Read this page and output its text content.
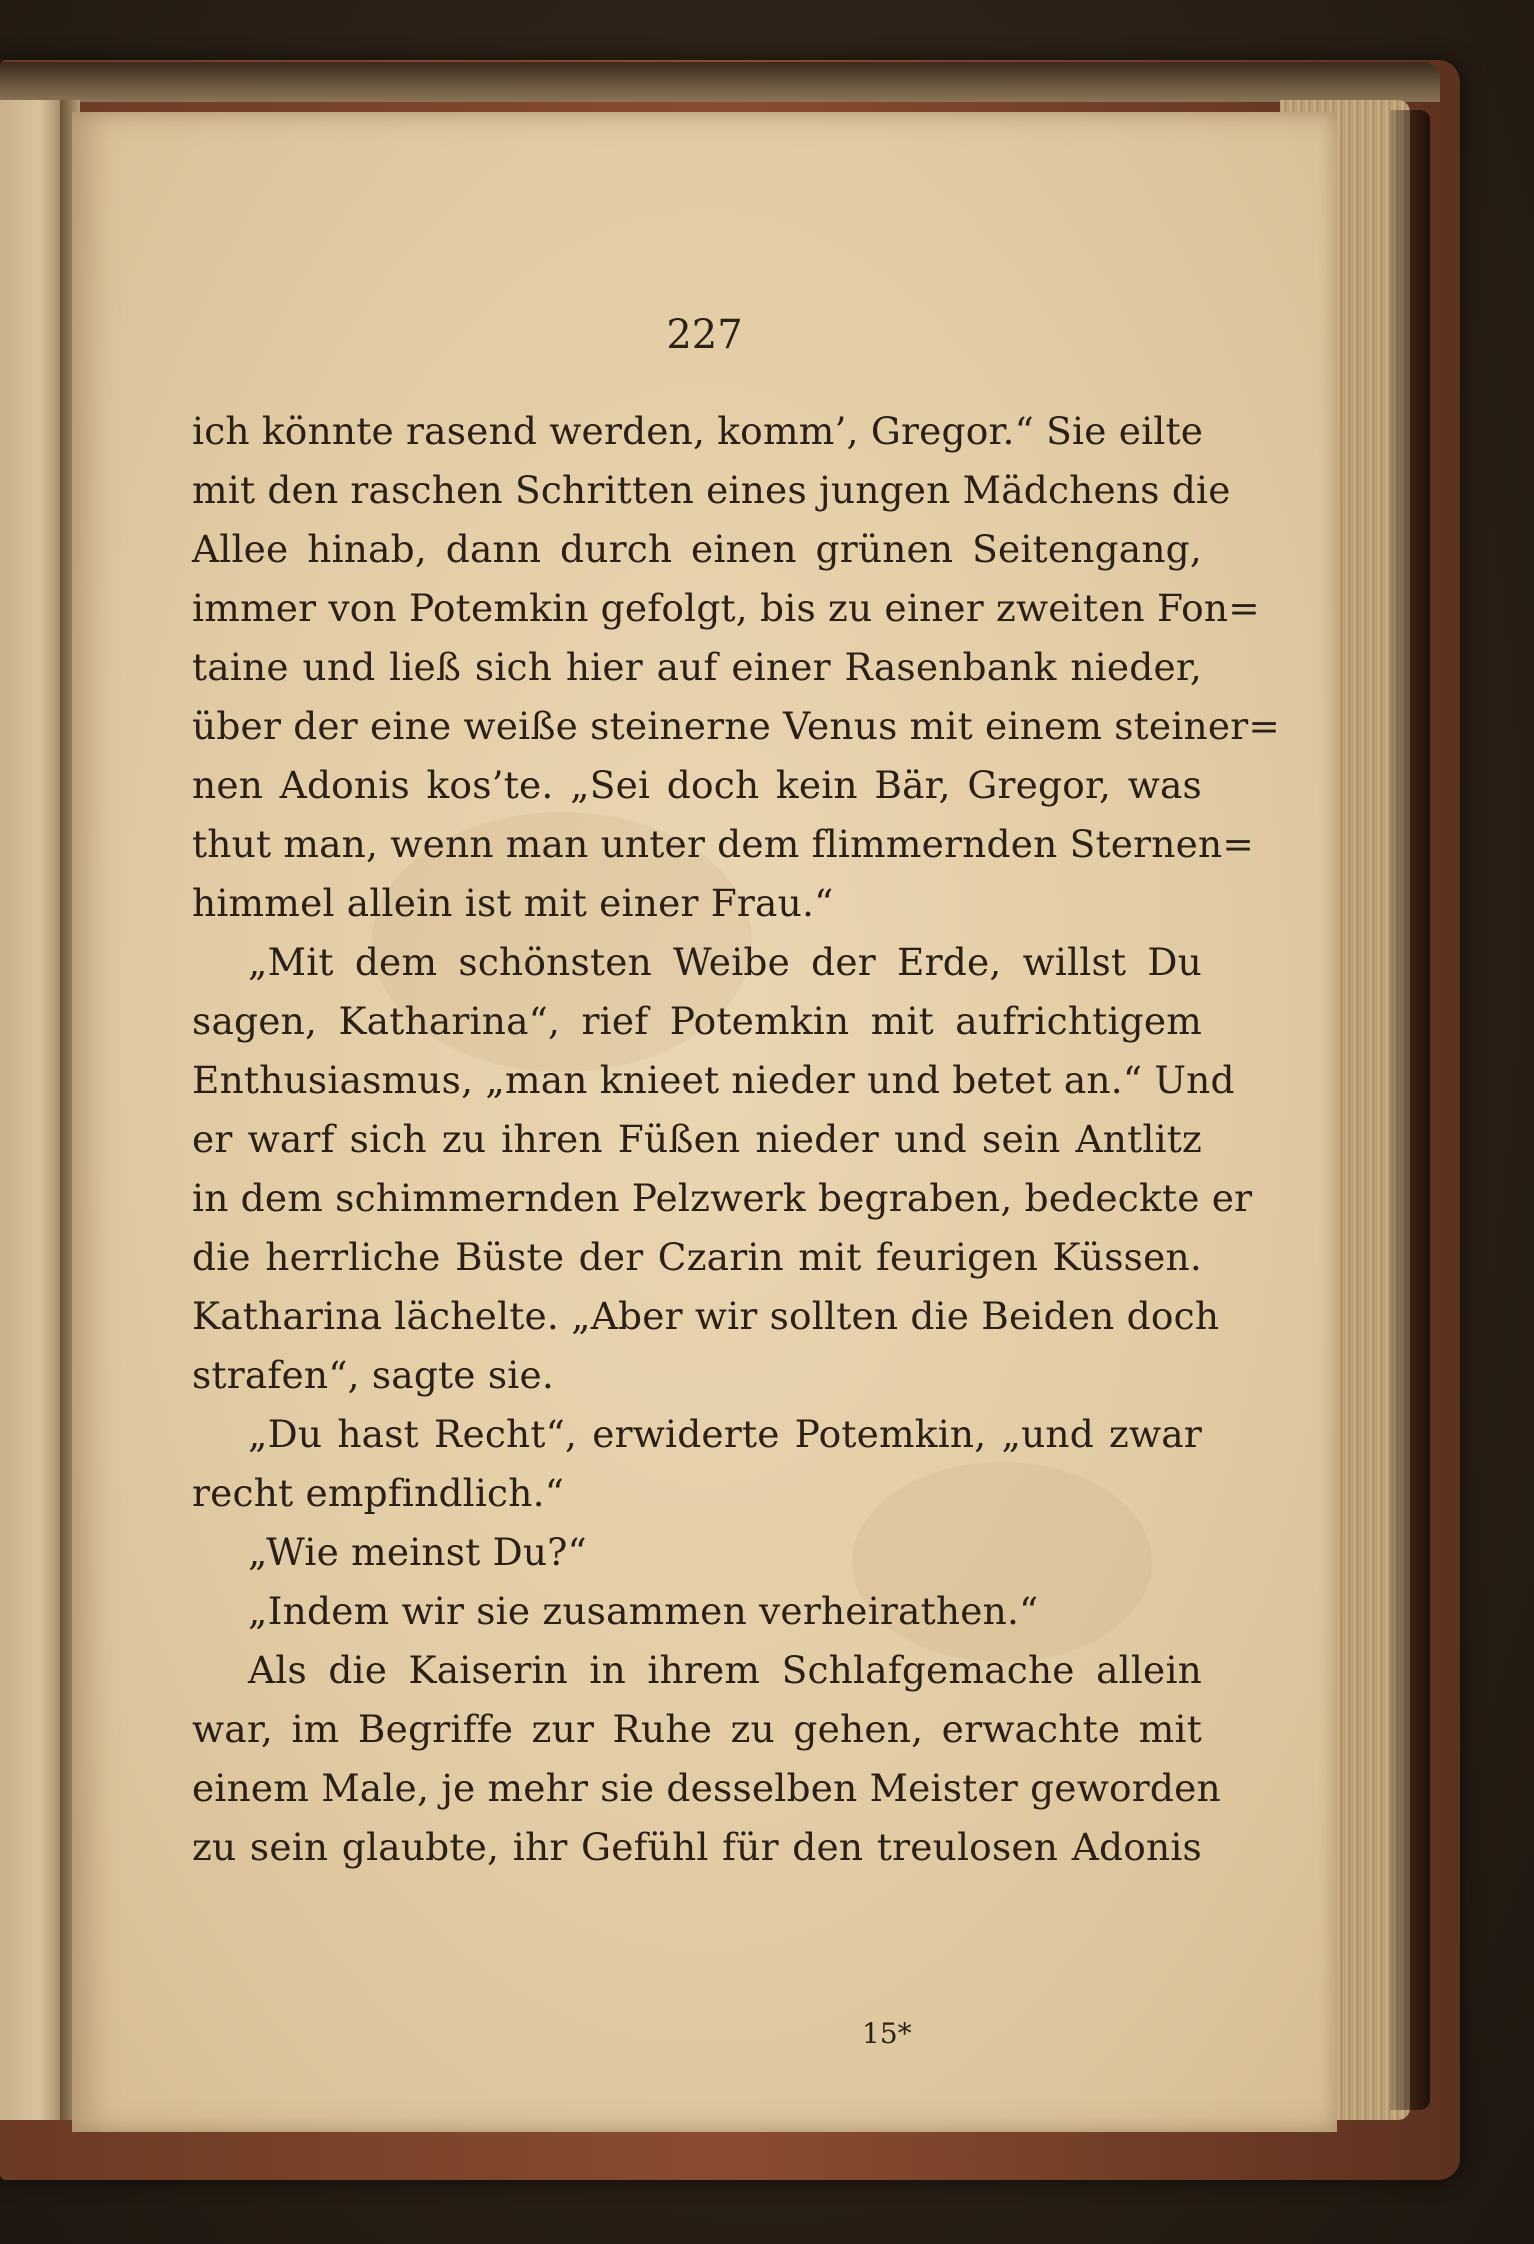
227
ich könnte rasend werden, komm’, Gregor.“ Sie eilte
mit den raschen Schritten eines jungen Mädchens die
Allee hinab, dann durch einen grünen Seitengang,
immer von Potemkin gefolgt, bis zu einer zweiten Fon=
taine und ließ sich hier auf einer Rasenbank nieder,
über der eine weiße steinerne Venus mit einem steiner=
nen Adonis kos’te. „Sei doch kein Bär, Gregor, was
thut man, wenn man unter dem flimmernden Sternen=
himmel allein ist mit einer Frau.“
„Mit dem schönsten Weibe der Erde, willst Du
sagen, Katharina“, rief Potemkin mit aufrichtigem
Enthusiasmus, „man knieet nieder und betet an.“ Und
er warf sich zu ihren Füßen nieder und sein Antlitz
in dem schimmernden Pelzwerk begraben, bedeckte er
die herrliche Büste der Czarin mit feurigen Küssen.
Katharina lächelte. „Aber wir sollten die Beiden doch
strafen“, sagte sie.
„Du hast Recht“, erwiderte Potemkin, „und zwar
recht empfindlich.“
„Wie meinst Du?“
„Indem wir sie zusammen verheirathen.“
Als die Kaiserin in ihrem Schlafgemache allein
war, im Begriffe zur Ruhe zu gehen, erwachte mit
einem Male, je mehr sie desselben Meister geworden
zu sein glaubte, ihr Gefühl für den treulosen Adonis
15*
